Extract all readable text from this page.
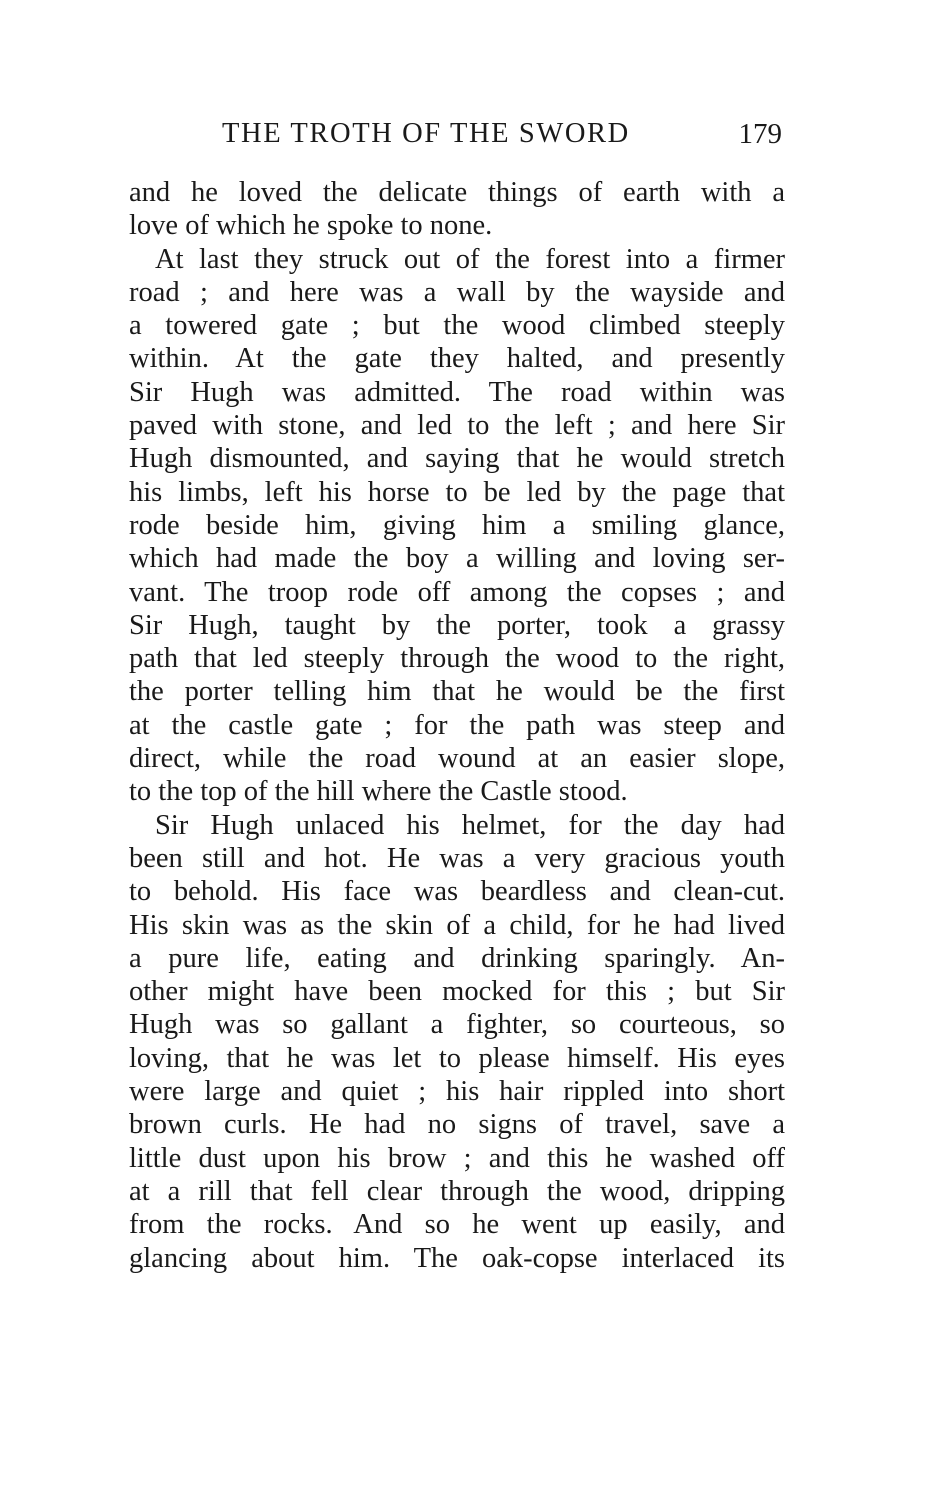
THE TROTH OF THE SWORD	179
and he loved the delicate things of earth with a
love of which he spoke to none.
At last they struck out of the forest into a firmer
road ; and here was a wall by the wayside and
a towered gate ; but the wood climbed steeply
within. At the gate they halted, and presently
Sir Hugh was admitted. The road within was
paved with stone, and led to the left ; and here Sir
Hugh dismounted, and saying that he would stretch
his limbs, left his horse to be led by the page that
rode beside him, giving him a smiling glance,
which had made the boy a willing and loving ser-
vant. The troop rode off among the copses ; and
Sir Hugh, taught by the porter, took a grassy
path that led steeply through the wood to the right,
the porter telling him that he would be the first
at the castle gate ; for the path was steep and
direct, while the road wound at an easier slope,
to the top of the hill where the Castle stood.
Sir Hugh unlaced his helmet, for the day had
been still and hot. He was a very gracious youth
to behold. His face was beardless and clean-cut.
His skin was as the skin of a child, for he had lived
a pure life, eating and drinking sparingly. An-
other might have been mocked for this ; but Sir
Hugh was so gallant a fighter, so courteous, so
loving, that he was let to please himself. His eyes
were large and quiet ; his hair rippled into short
brown curls. He had no signs of travel, save a
little dust upon his brow ; and this he washed off
at a rill that fell clear through the wood, dripping
from the rocks. And so he went up easily, and
glancing about him. The oak-copse interlaced its
